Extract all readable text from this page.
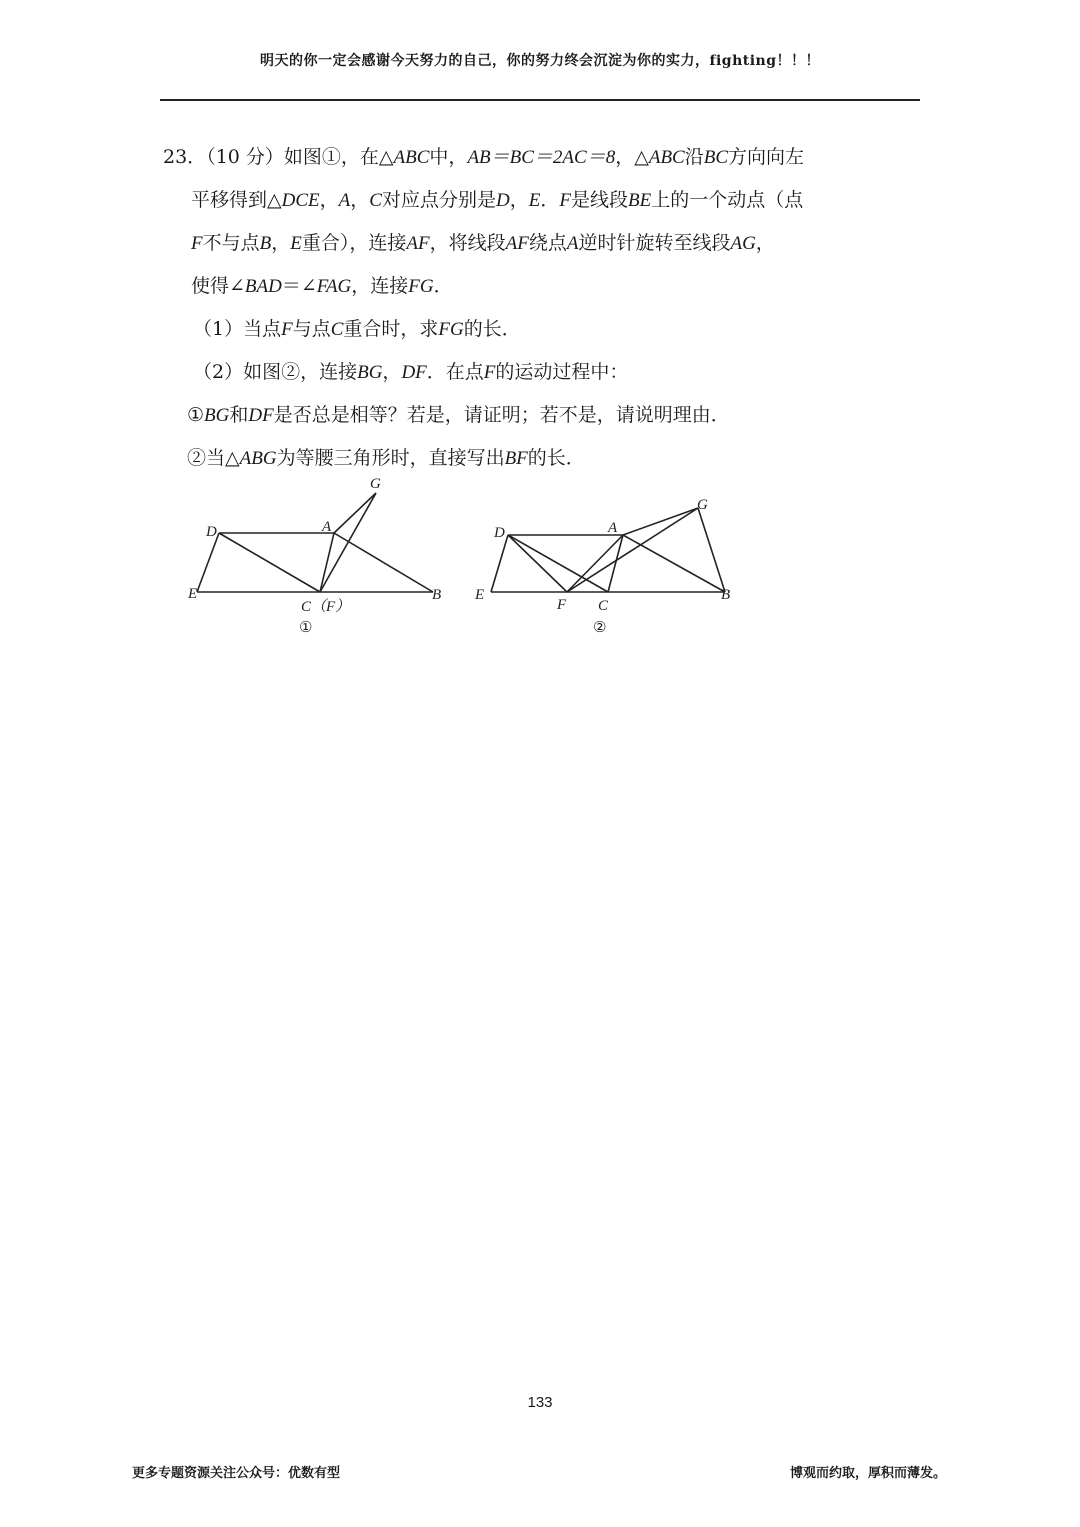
明天的你一定会感谢今天努力的自己，你的努力终会沉淀为你的实力，fighting！！！
23．（10 分）如图①，在△ABC中，AB＝BC＝2AC＝8，△ABC沿BC方向向左
平移得到△DCE，A，C对应点分别是D，E．F是线段BE上的一个动点（点
F不与点B，E重合），连接AF，将线段AF绕点A逆时针旋转至线段AG，
使得∠BAD＝∠FAG，连接FG．
（1）当点F与点C重合时，求FG的长．
（2）如图②，连接BG，DF．在点F的运动过程中：
①BG和DF是否总是相等？若是，请证明；若不是，请说明理由．
②当△ABG为等腰三角形时，直接写出BF的长．
G
D	A
E
C（F）
B
①
D	A
G
E
F C
B
②
133
更多专题资源关注公众号：优数有型	博观而约取，厚积而薄发。
